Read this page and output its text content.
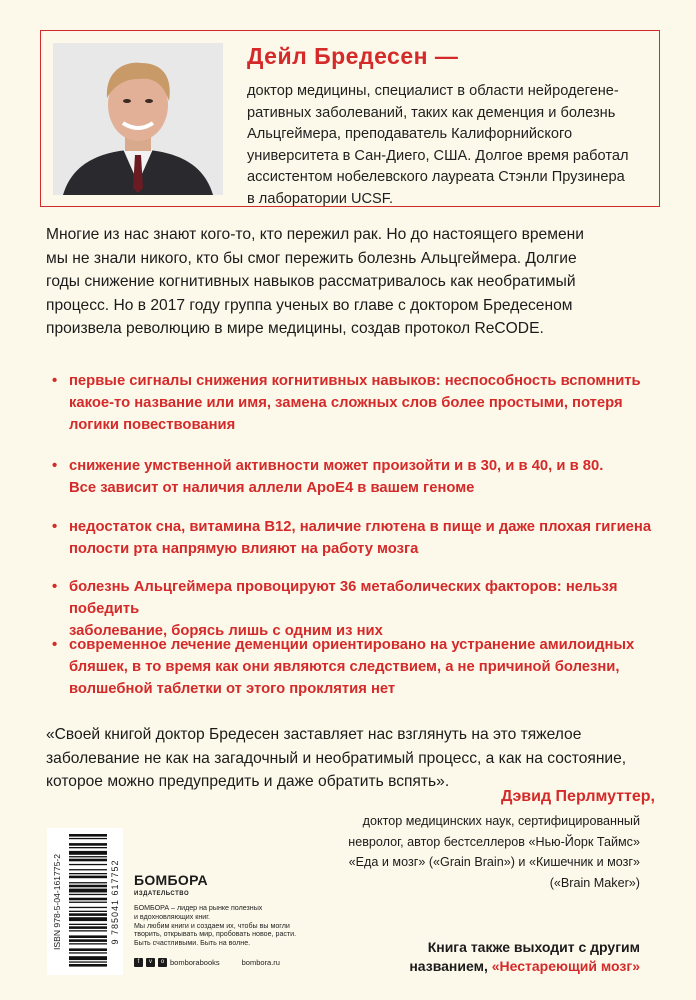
Дейл Бредесен —
доктор медицины, специалист в области нейродегене-
ративных заболеваний, таких как деменция и болезнь
Альцгеймера, преподаватель Калифорнийского
университета в Сан-Диего, США. Долгое время работал
ассистентом нобелевского лауреата Стэнли Прузинера
в лаборатории UCSF.
Многие из нас знают кого-то, кто пережил рак. Но до настоящего времени
мы не знали никого, кто бы смог пережить болезнь Альцгеймера. Долгие
годы снижение когнитивных навыков рассматривалось как необратимый
процесс. Но в 2017 году группа ученых во главе с доктором Бредесеном
произвела революцию в мире медицины, создав протокол ReCODE.
• первые сигналы снижения когнитивных навыков: неспособность вспомнить
какое-то название или имя, замена сложных слов более простыми, потеря
логики повествования
• снижение умственной активности может произойти и в 30, и в 40, и в 80.
Все зависит от наличия аллели ApoE4 в вашем геноме
• недостаток сна, витамина B12, наличие глютена в пище и даже плохая гигиена
полости рта напрямую влияют на работу мозга
• болезнь Альцгеймера провоцируют 36 метаболических факторов: нельзя победить
заболевание, борясь лишь с одним из них
• современное лечение деменции ориентировано на устранение амилоидных
бляшек, в то время как они являются следствием, а не причиной болезни,
волшебной таблетки от этого проклятия нет
«Своей книгой доктор Бредесен заставляет нас взглянуть на это тяжелое
заболевание не как на загадочный и необратимый процесс, а как на состояние,
которое можно предупредить и даже обратить вспять».
Дэвид Перлмуттер,
доктор медицинских наук, сертифицированный
невролог, автор бестселлеров «Нью-Йорк Таймс»
«Еда и мозг» («Grain Brain») и «Кишечник и мозг»
(«Brain Maker»)
ISBN 978-5-04-161775-2	9 785041 617752 БОМБОРА
ИЗДАТЕЛЬСТВО
БОМБОРА – лидер на рынке полезных
и вдохновляющих книг.
Мы любим книги и создаем их, чтобы вы могли
творить, открывать мир, пробовать новое, расти.
Быть счастливыми. Быть на волне.
f	v	o bomborabooks	bombora.ru
Книга также выходит с другим
названием, «Нестареющий мозг»
